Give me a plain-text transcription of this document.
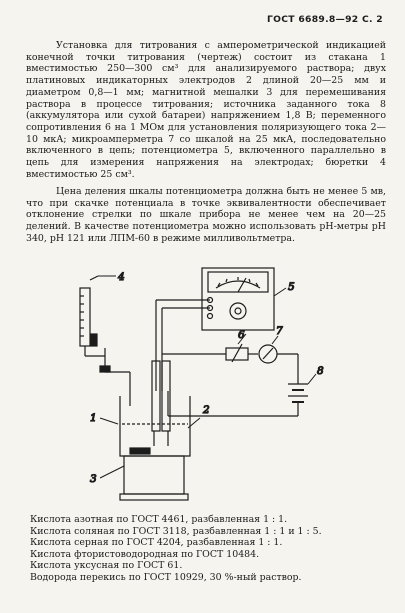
ГОСТ 6689.8—92 С. 2

Установка для титрования с амперометрической индикацией конечной точки титрования (чертеж) состоит из стакана 1 вместимостью 250—300 см³ для анализируемого раствора; двух платиновых индикаторных электродов 2 длиной 20—25 мм и диаметром 0,8—1 мм; магнитной мешалки 3 для перемешивания раствора в процессе титрования; источника заданного тока 8 (аккумулятора или сухой батареи) напряжением 1,8 В; переменного сопротивления 6 на 1 МОм для установления поляризующего тока 2—10 мкА; микроамперметра 7 со шкалой на 25 мкА, последовательно включенного в цепь; потенциометра 5, включенного параллельно в цепь для измерения напряжения на электродах; бюретки 4 вместимостью 25 см³.

Цена деления шкалы потенциометра должна быть не менее 5 мв, что при скачке потенциала в точке эквивалентности обеспечивает отклонение стрелки по шкале прибора не менее чем на 20—25 делений. В качестве потенциометра можно использовать рН-метры рН 340, рН 121 или ЛПМ-60 в режиме милливольтметра.

1
2
3
4
5
6	7
8
Кислота азотная по ГОСТ 4461, разбавленная 1 : 1.
Кислота соляная по ГОСТ 3118, разбавленная 1 : 1 и 1 : 5.
Кислота серная по ГОСТ 4204, разбавленная 1 : 1.
Кислота фтористоводородная по ГОСТ 10484.
Кислота уксусная по ГОСТ 61.
Водорода перекись по ГОСТ 10929, 30 %-ный раствор.
